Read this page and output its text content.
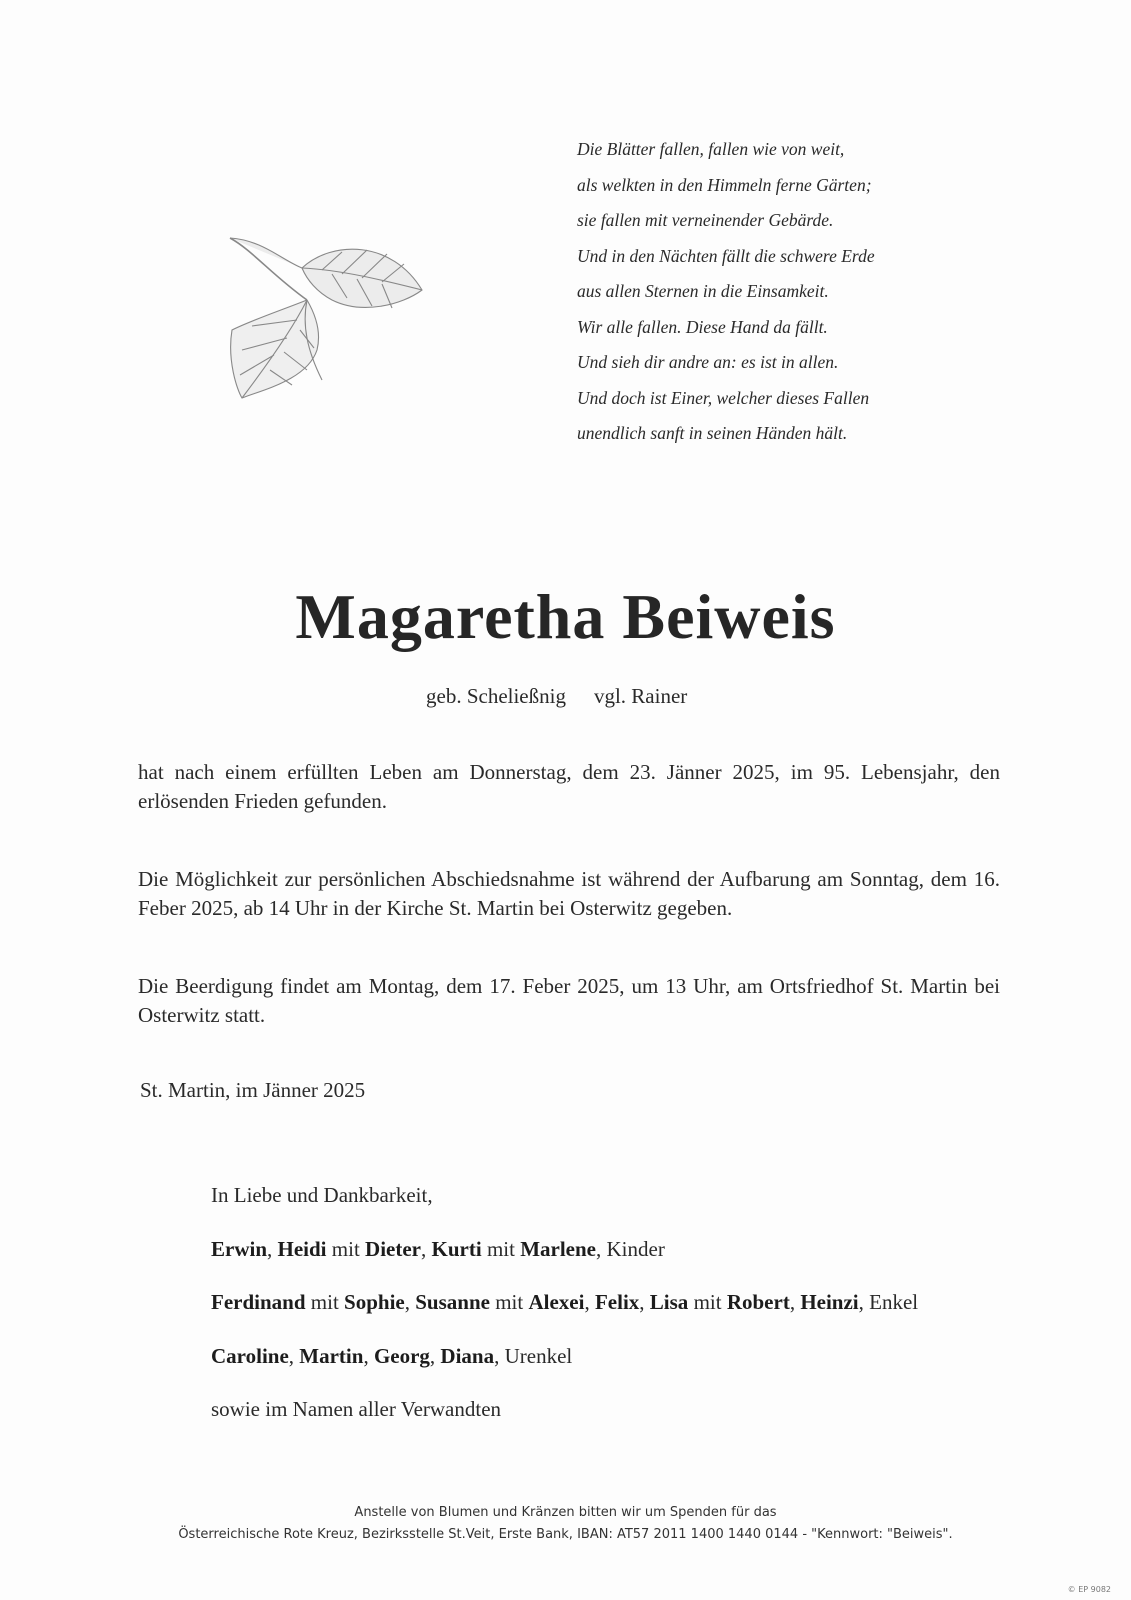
Die Blätter fallen, fallen wie von weit,
als welkten in den Himmeln ferne Gärten;
sie fallen mit verneinender Gebärde.
Und in den Nächten fällt die schwere Erde
aus allen Sternen in die Einsamkeit.
Wir alle fallen. Diese Hand da fällt.
Und sieh dir andre an: es ist in allen.
Und doch ist Einer, welcher dieses Fallen
unendlich sanft in seinen Händen hält.
Magaretha Beiweis
geb. Scheließnig vgl. Rainer
hat nach einem erfüllten Leben am Donnerstag, dem 23. Jänner 2025, im 95. Lebensjahr, den erlösenden Frieden gefunden.
Die Möglichkeit zur persönlichen Abschiedsnahme ist während der Aufbarung am Sonntag, dem 16. Feber 2025, ab 14 Uhr in der Kirche St. Martin bei Osterwitz gegeben.
Die Beerdigung findet am Montag, dem 17. Feber 2025, um 13 Uhr, am Ortsfriedhof St. Martin bei Osterwitz statt.
St. Martin, im Jänner 2025
In Liebe und Dankbarkeit,
Erwin, Heidi mit Dieter, Kurti mit Marlene, Kinder
Ferdinand mit Sophie, Susanne mit Alexei, Felix, Lisa mit Robert, Heinzi, Enkel
Caroline, Martin, Georg, Diana, Urenkel
sowie im Namen aller Verwandten
Anstelle von Blumen und Kränzen bitten wir um Spenden für das
Österreichische Rote Kreuz, Bezirksstelle St.Veit, Erste Bank, IBAN: AT57 2011 1400 1440 0144 - "Kennwort: "Beiweis".
© EP 9082
